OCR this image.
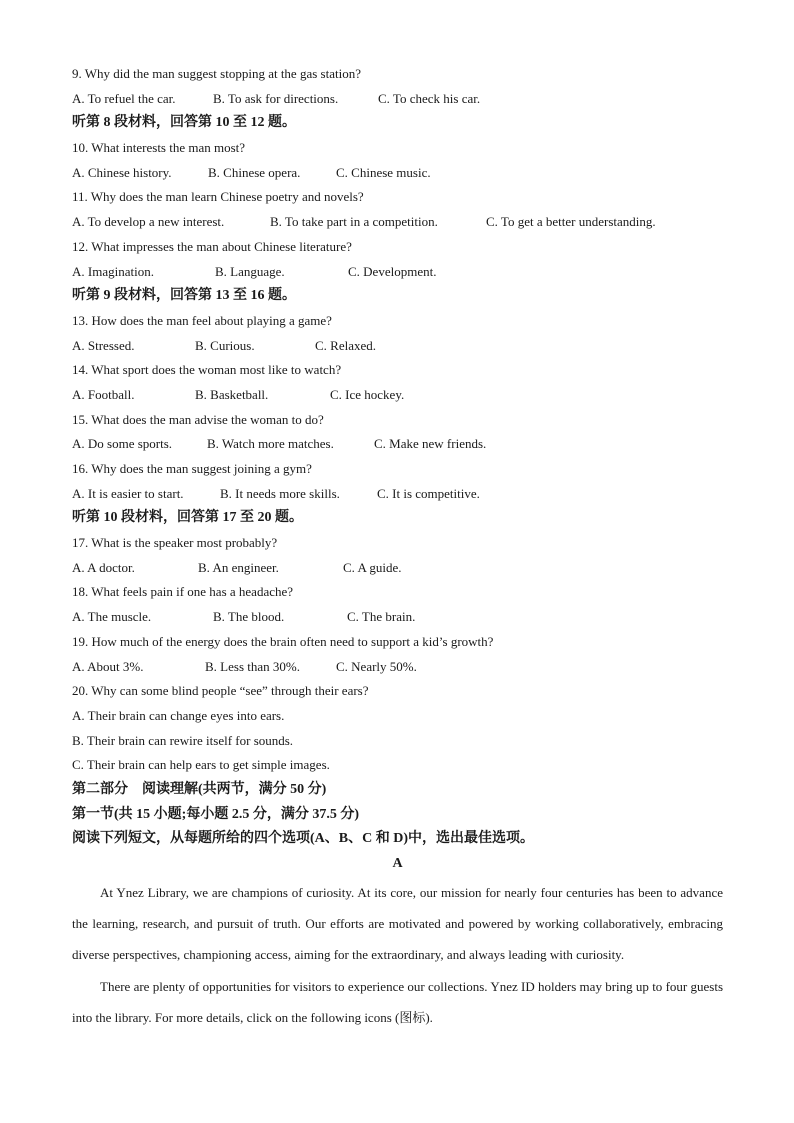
9. Why did the man suggest stopping at the gas station?
A. To refuel the car.	B. To ask for directions.	C. To check his car.
听第 8 段材料，回答第 10 至 12 题。
10. What interests the man most?
A. Chinese history.	B. Chinese opera.	C. Chinese music.
11. Why does the man learn Chinese poetry and novels?
A. To develop a new interest.	B. To take part in a competition.	C. To get a better understanding.
12. What impresses the man about Chinese literature?
A. Imagination.	B. Language.	C. Development.
听第 9 段材料，回答第 13 至 16 题。
13. How does the man feel about playing a game?
A. Stressed.	B. Curious.	C. Relaxed.
14. What sport does the woman most like to watch?
A. Football.	B. Basketball.	C. Ice hockey.
15. What does the man advise the woman to do?
A. Do some sports.	B. Watch more matches.	C. Make new friends.
16. Why does the man suggest joining a gym?
A. It is easier to start.	B. It needs more skills.	C. It is competitive.
听第 10 段材料，回答第 17 至 20 题。
17. What is the speaker most probably?
A. A doctor.	B. An engineer.	C. A guide.
18. What feels pain if one has a headache?
A. The muscle.	B. The blood.	C. The brain.
19. How much of the energy does the brain often need to support a kid’s growth?
A. About 3%.	B. Less than 30%.	C. Nearly 50%.
20. Why can some blind people “see” through their ears?
A. Their brain can change eyes into ears.
B. Their brain can rewire itself for sounds.
C. Their brain can help ears to get simple images.
第二部分　阅读理解(共两节，满分 50 分)
第一节(共 15 小题;每小题 2.5 分，满分 37.5 分)
阅读下列短文，从每题所给的四个选项(A、B、C 和 D)中，选出最佳选项。
A
At Ynez Library, we are champions of curiosity. At its core, our mission for nearly four centuries has been to advance the learning, research, and pursuit of truth. Our efforts are motivated and powered by working collaboratively, embracing diverse perspectives, championing access, aiming for the extraordinary, and always leading with curiosity.
There are plenty of opportunities for visitors to experience our collections. Ynez ID holders may bring up to four guests into the library. For more details, click on the following icons (图标).
